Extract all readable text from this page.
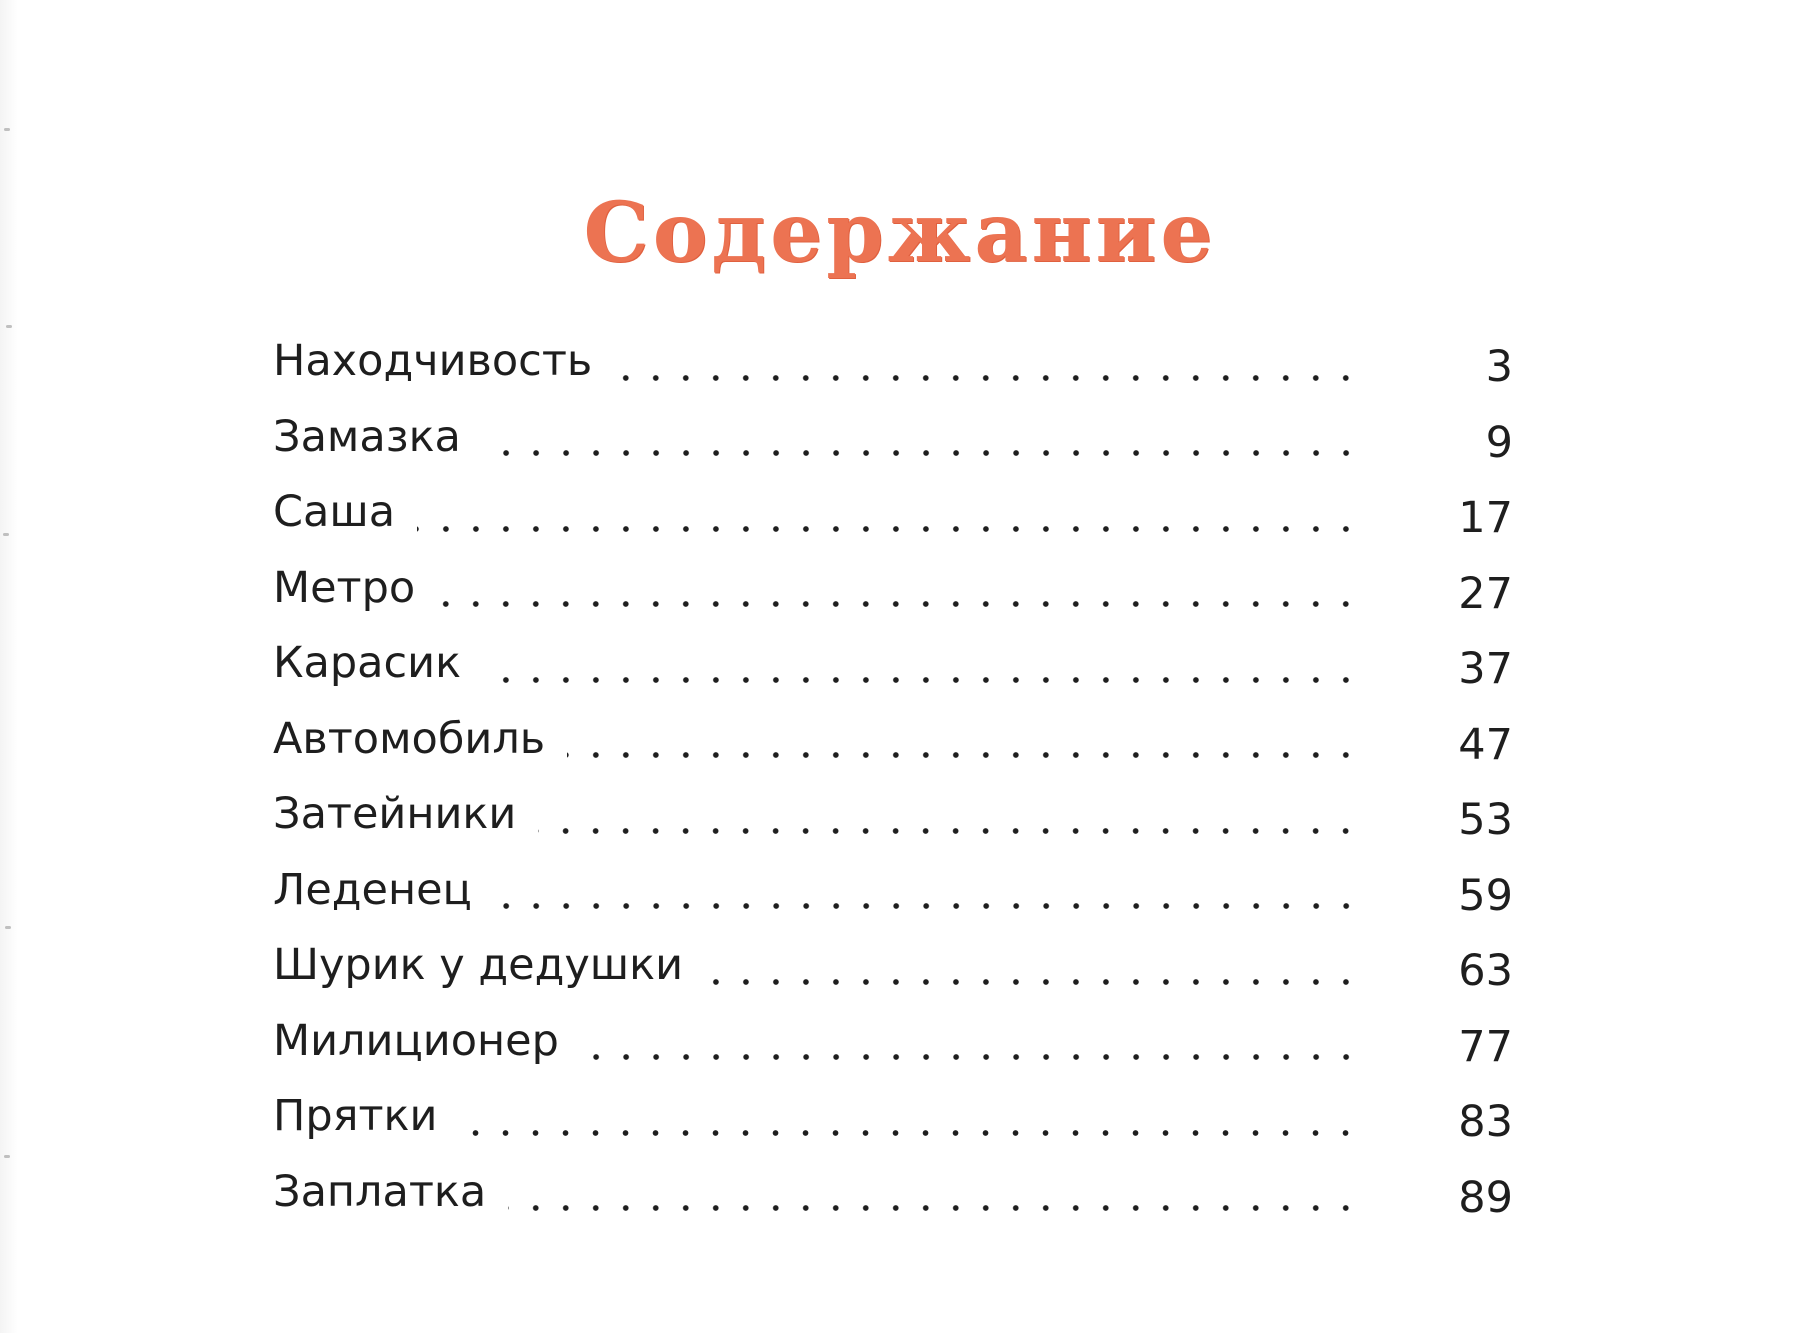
Содержание
Находчивость	3
Замазка	9
Саша	17
Метро	27
Карасик	37
Автомобиль	47
Затейники	53
Леденец	59
Шурик у дедушки	63
Милиционер	77
Прятки	83
Заплатка	89
